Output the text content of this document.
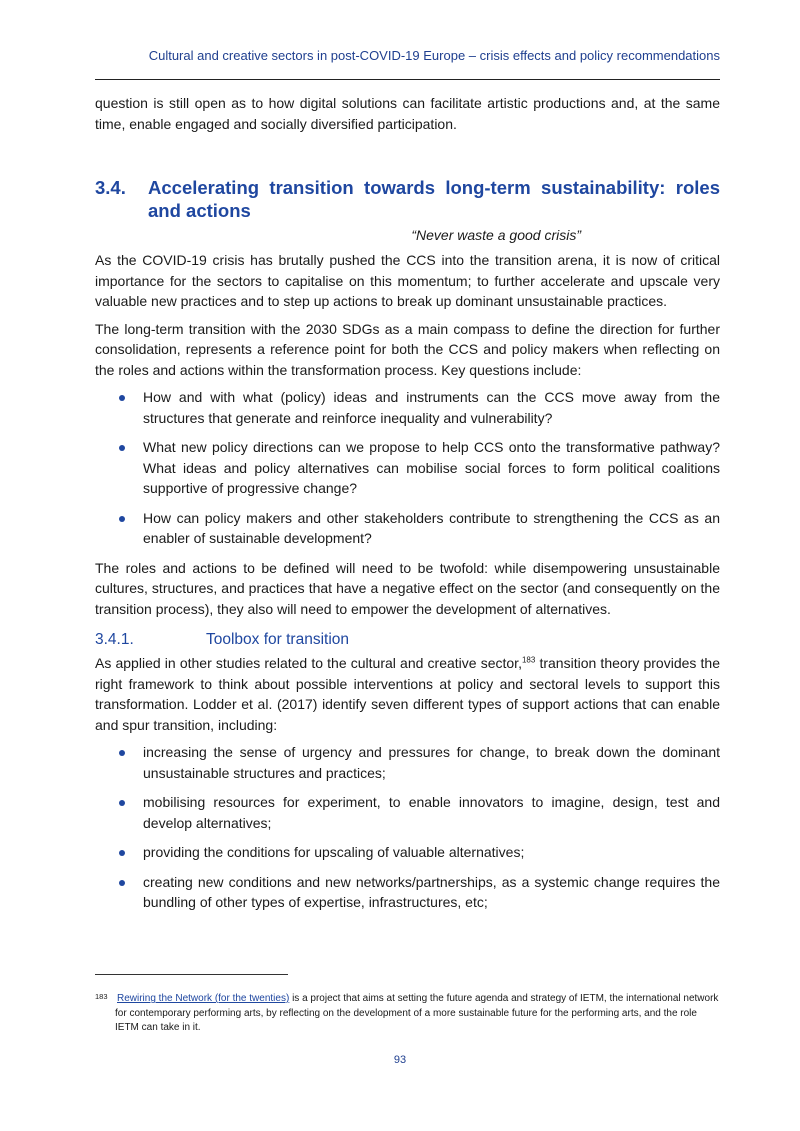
Cultural and creative sectors in post-COVID-19 Europe – crisis effects and policy recommendations

question is still open as to how digital solutions can facilitate artistic productions and, at the same time, enable engaged and socially diversified participation.

3.4.	Accelerating transition towards long-term sustainability: roles and actions
“Never waste a good crisis”

As the COVID-19 crisis has brutally pushed the CCS into the transition arena, it is now of critical importance for the sectors to capitalise on this momentum; to further accelerate and upscale very valuable new practices and to step up actions to break up dominant unsustainable practices.

The long-term transition with the 2030 SDGs as a main compass to define the direction for further consolidation, represents a reference point for both the CCS and policy makers when reflecting on the roles and actions within the transformation process. Key questions include:

How and with what (policy) ideas and instruments can the CCS move away from the structures that generate and reinforce inequality and vulnerability?
What new policy directions can we propose to help CCS onto the transformative pathway? What ideas and policy alternatives can mobilise social forces to form political coalitions supportive of progressive change?
How can policy makers and other stakeholders contribute to strengthening the CCS as an enabler of sustainable development?

The roles and actions to be defined will need to be twofold: while disempowering unsustainable cultures, structures, and practices that have a negative effect on the sector (and consequently on the transition process), they also will need to empower the development of alternatives.

3.4.1.	Toolbox for transition

As applied in other studies related to the cultural and creative sector,$^{183}$ transition theory provides the right framework to think about possible interventions at policy and sectoral levels to support this transformation. Lodder et al. (2017) identify seven different types of support actions that can enable and spur transition, including:

increasing the sense of urgency and pressures for change, to break down the dominant unsustainable structures and practices;
mobilising resources for experiment, to enable innovators to imagine, design, test and develop alternatives;
providing the conditions for upscaling of valuable alternatives;
creating new conditions and new networks/partnerships, as a systemic change requires the bundling of other types of expertise, infrastructures, etc;
183 Rewiring the Network (for the twenties) is a project that aims at setting the future agenda and strategy of IETM, the international network for contemporary performing arts, by reflecting on the development of a more sustainable future for the performing arts, and the role IETM can take in it.
93
